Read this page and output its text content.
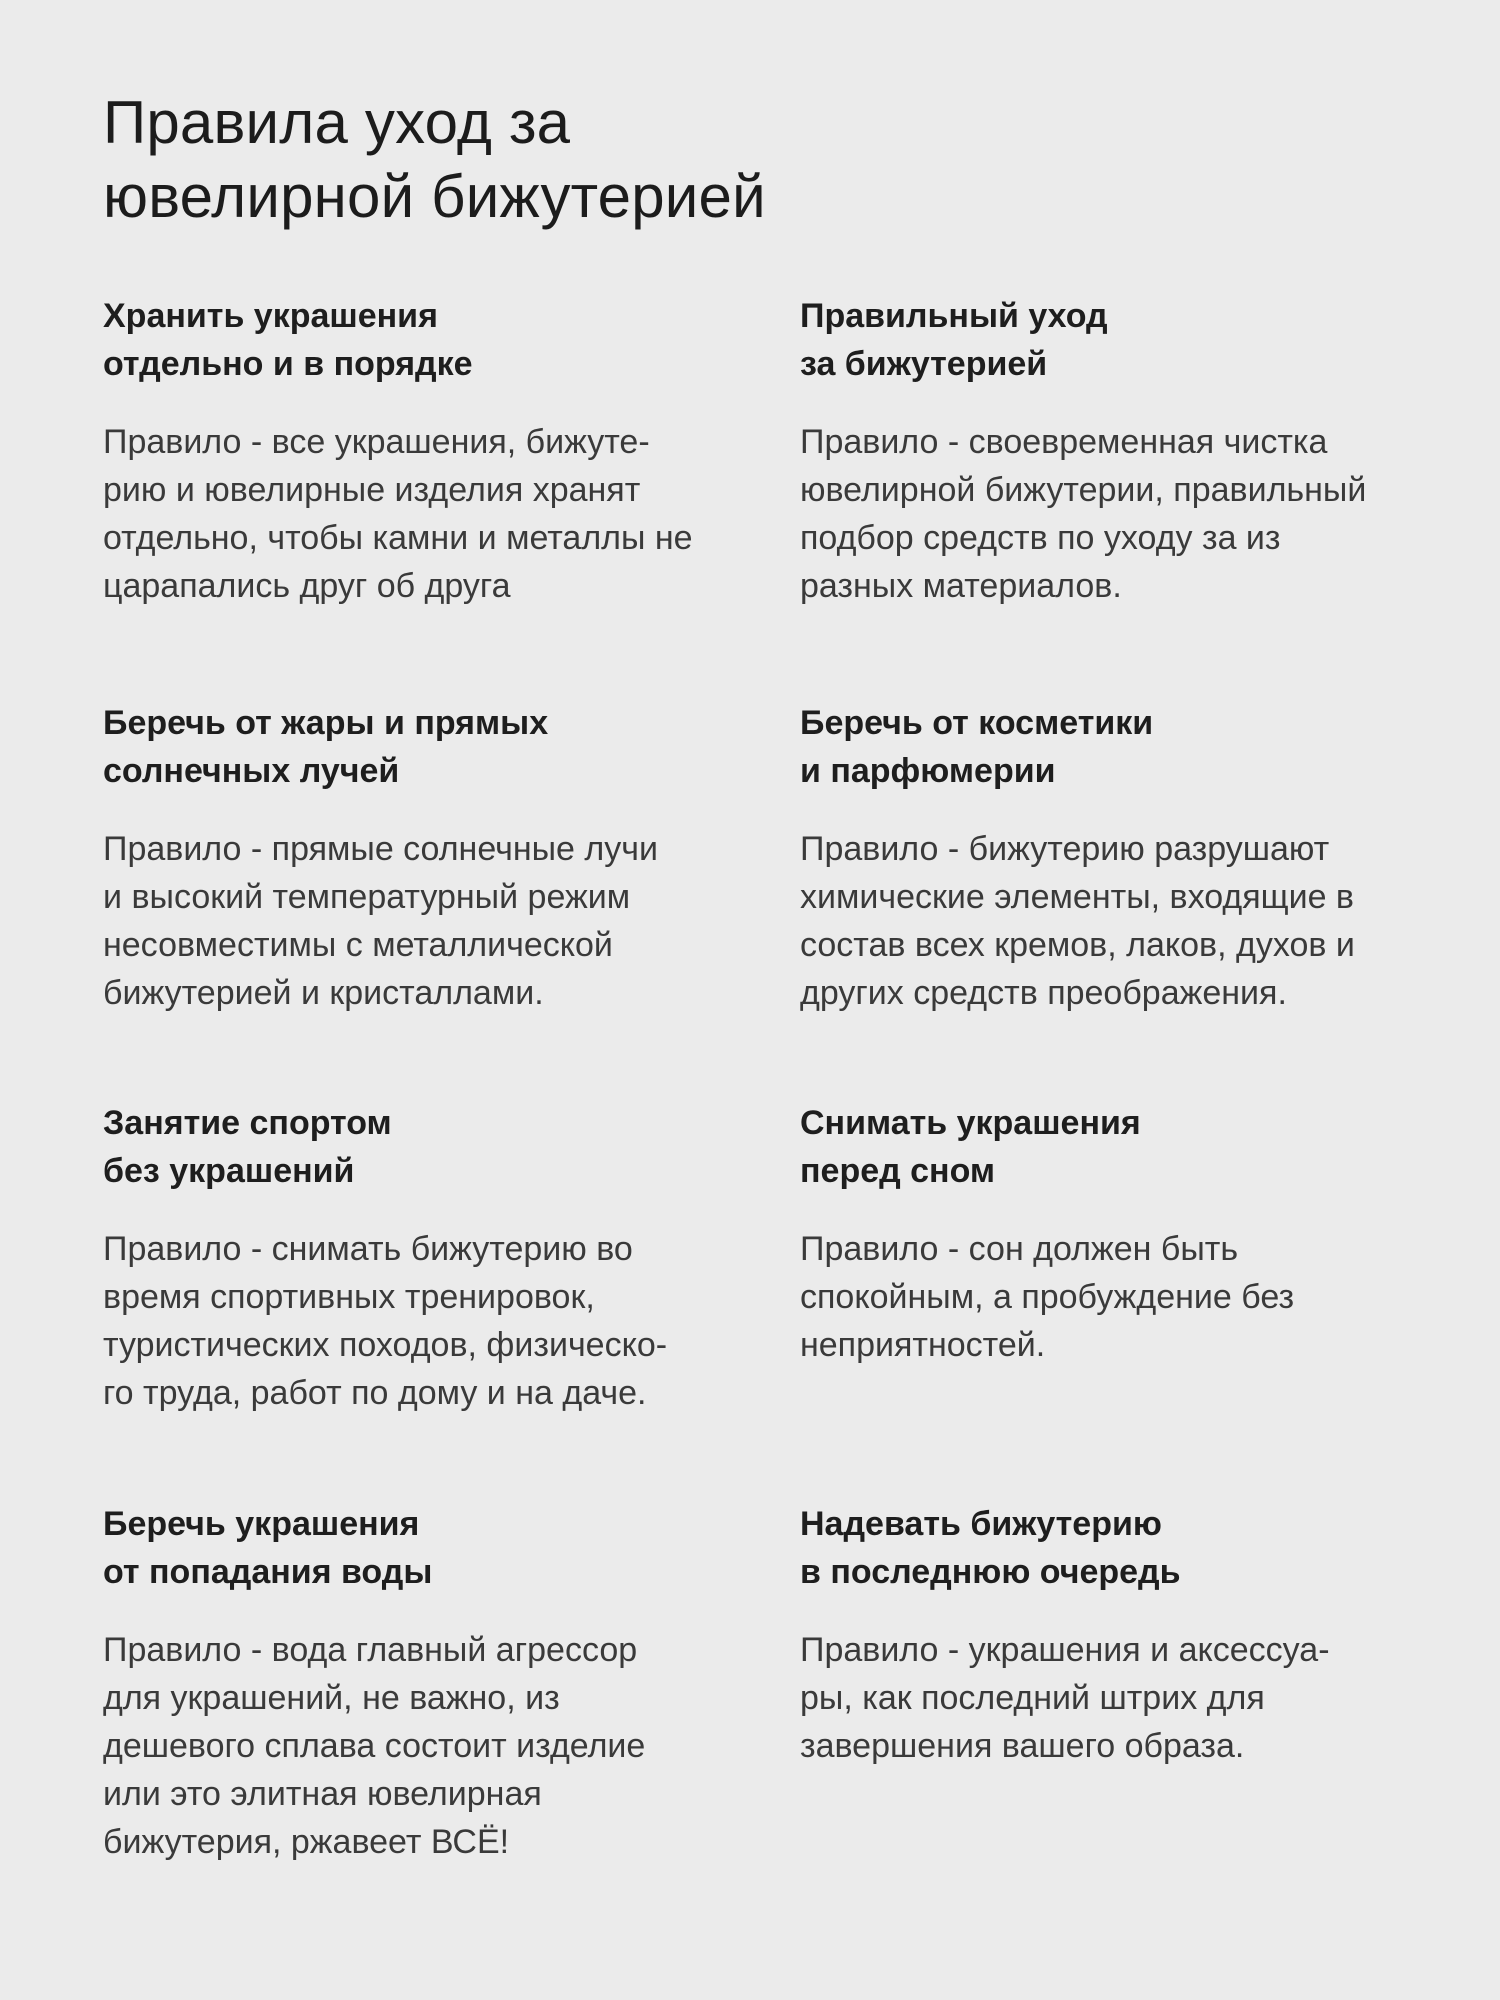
Правила уход за
ювелирной бижутерией
Хранить украшения
отдельно и в порядке

Правило - все украшения, бижуте-
рию и ювелирные изделия хранят
отдельно, чтобы камни и металлы не
царапались друг об друга

Правильный уход
за бижутерией

Правило - своевременная чистка
ювелирной бижутерии, правильный
подбор средств по уходу за из
разных материалов.

Беречь от жары и прямых
солнечных лучей

Правило - прямые солнечные лучи
и высокий температурный режим
несовместимы с металлической
бижутерией и кристаллами.

Беречь от косметики
и парфюмерии

Правило - бижутерию разрушают
химические элементы, входящие в
состав всех кремов, лаков, духов и
других средств преображения.

Занятие спортом
без украшений

Правило - снимать бижутерию во
время спортивных тренировок,
туристических походов, физическо-
го труда, работ по дому и на даче.

Снимать украшения
перед сном

Правило - сон должен быть
спокойным, а пробуждение без
неприятностей.

Беречь украшения
от попадания воды

Правило - вода главный агрессор
для украшений, не важно, из
дешевого сплава состоит изделие
или это элитная ювелирная
бижутерия, ржавеет ВСЁ!

Надевать бижутерию
в последнюю очередь

Правило - украшения и аксессуа-
ры, как последний штрих для
завершения вашего образа.
